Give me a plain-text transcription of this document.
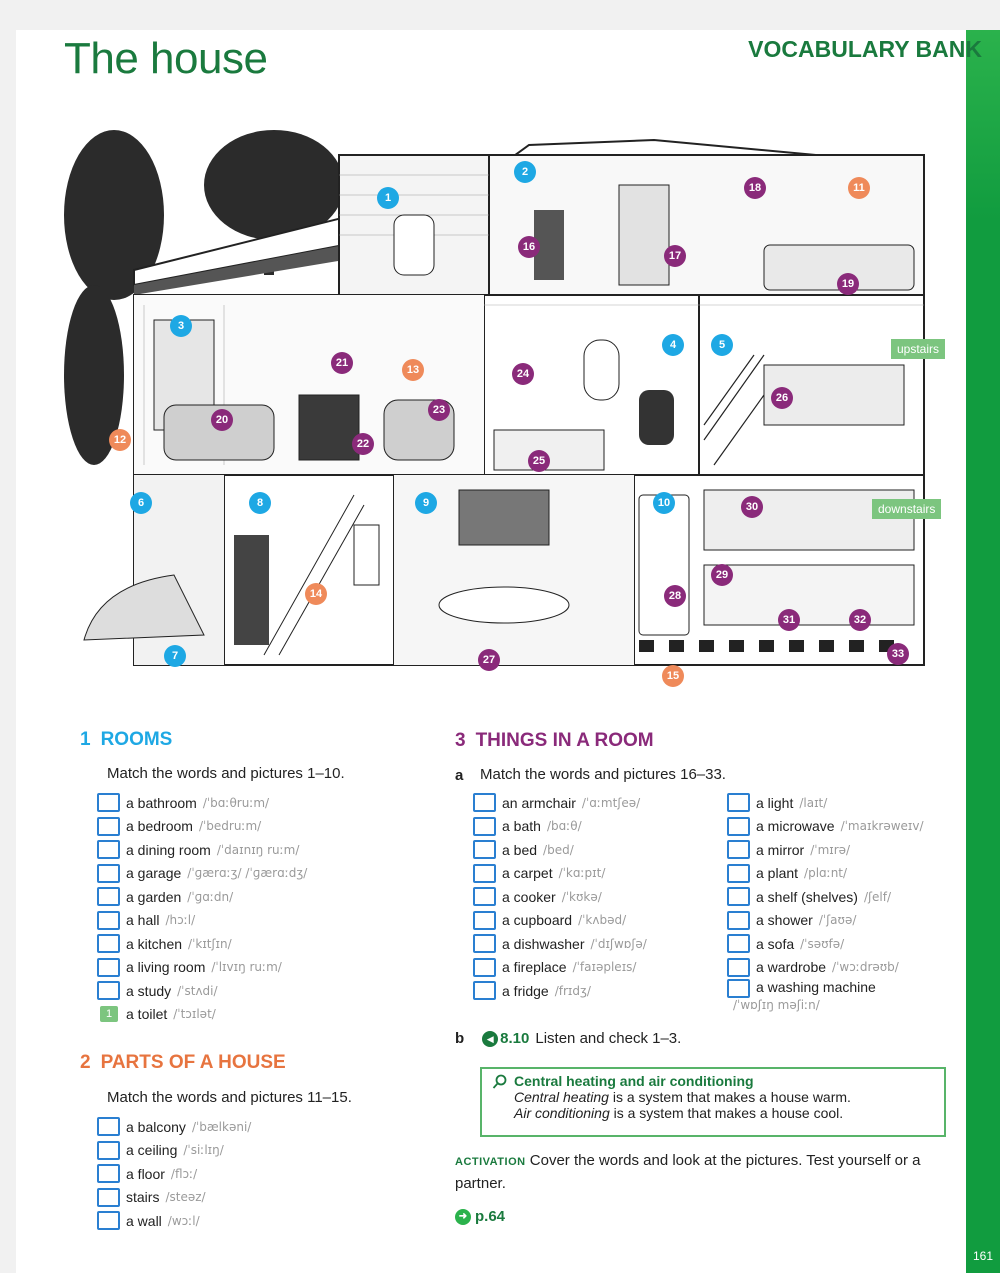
161
The house	VOCABULARY BANK
1
2
3
4	5
6
7
8	9	10
11
12
13
14
15
16
17
18
19
20
21
22
23
24
25
26
27
28
29
30
31	32
33
upstairs
downstairs
1 ROOMS
Match the words and pictures 1–10.
a bathroom /ˈbɑːθruːm/
a bedroom /ˈbedruːm/
a dining room /ˈdaɪnɪŋ ruːm/
a garage /ˈɡærɑːʒ/ /ˈɡærɑːdʒ/
a garden /ˈɡɑːdn/
a hall /hɔːl/
a kitchen /ˈkɪtʃɪn/
a living room /ˈlɪvɪŋ ruːm/
a study /ˈstʌdi/
1 a toilet /ˈtɔɪlət/
2 PARTS OF A HOUSE
Match the words and pictures 11–15.
a balcony /ˈbælkəni/
a ceiling /ˈsiːlɪŋ/
a floor /flɔː/
stairs /steəz/
a wall /wɔːl/
3 THINGS IN A ROOM
a Match the words and pictures 16–33.
an armchair /ˈɑːmtʃeə/
a bath /bɑːθ/
a bed /bed/
a carpet /ˈkɑːpɪt/
a cooker /ˈkʊkə/
a cupboard /ˈkʌbəd/
a dishwasher /ˈdɪʃwɒʃə/
a fireplace /ˈfaɪəpleɪs/
a fridge /frɪdʒ/
a light /laɪt/
a microwave /ˈmaɪkrəweɪv/
a mirror /ˈmɪrə/
a plant /plɑːnt/
a shelf (shelves) /ʃelf/
a shower /ˈʃaʊə/
a sofa /ˈsəʊfə/
a wardrobe /ˈwɔːdrəʊb/
a washing machine
/ˈwɒʃɪŋ məʃiːn/
b	◀ 8.10 Listen and check 1–3.
Central heating and air conditioning
Central heating is a system that makes a house warm.
Air conditioning is a system that makes a house cool.
ACTIVATION Cover the words and look at the pictures. Test yourself or a partner.
➜ p.64
